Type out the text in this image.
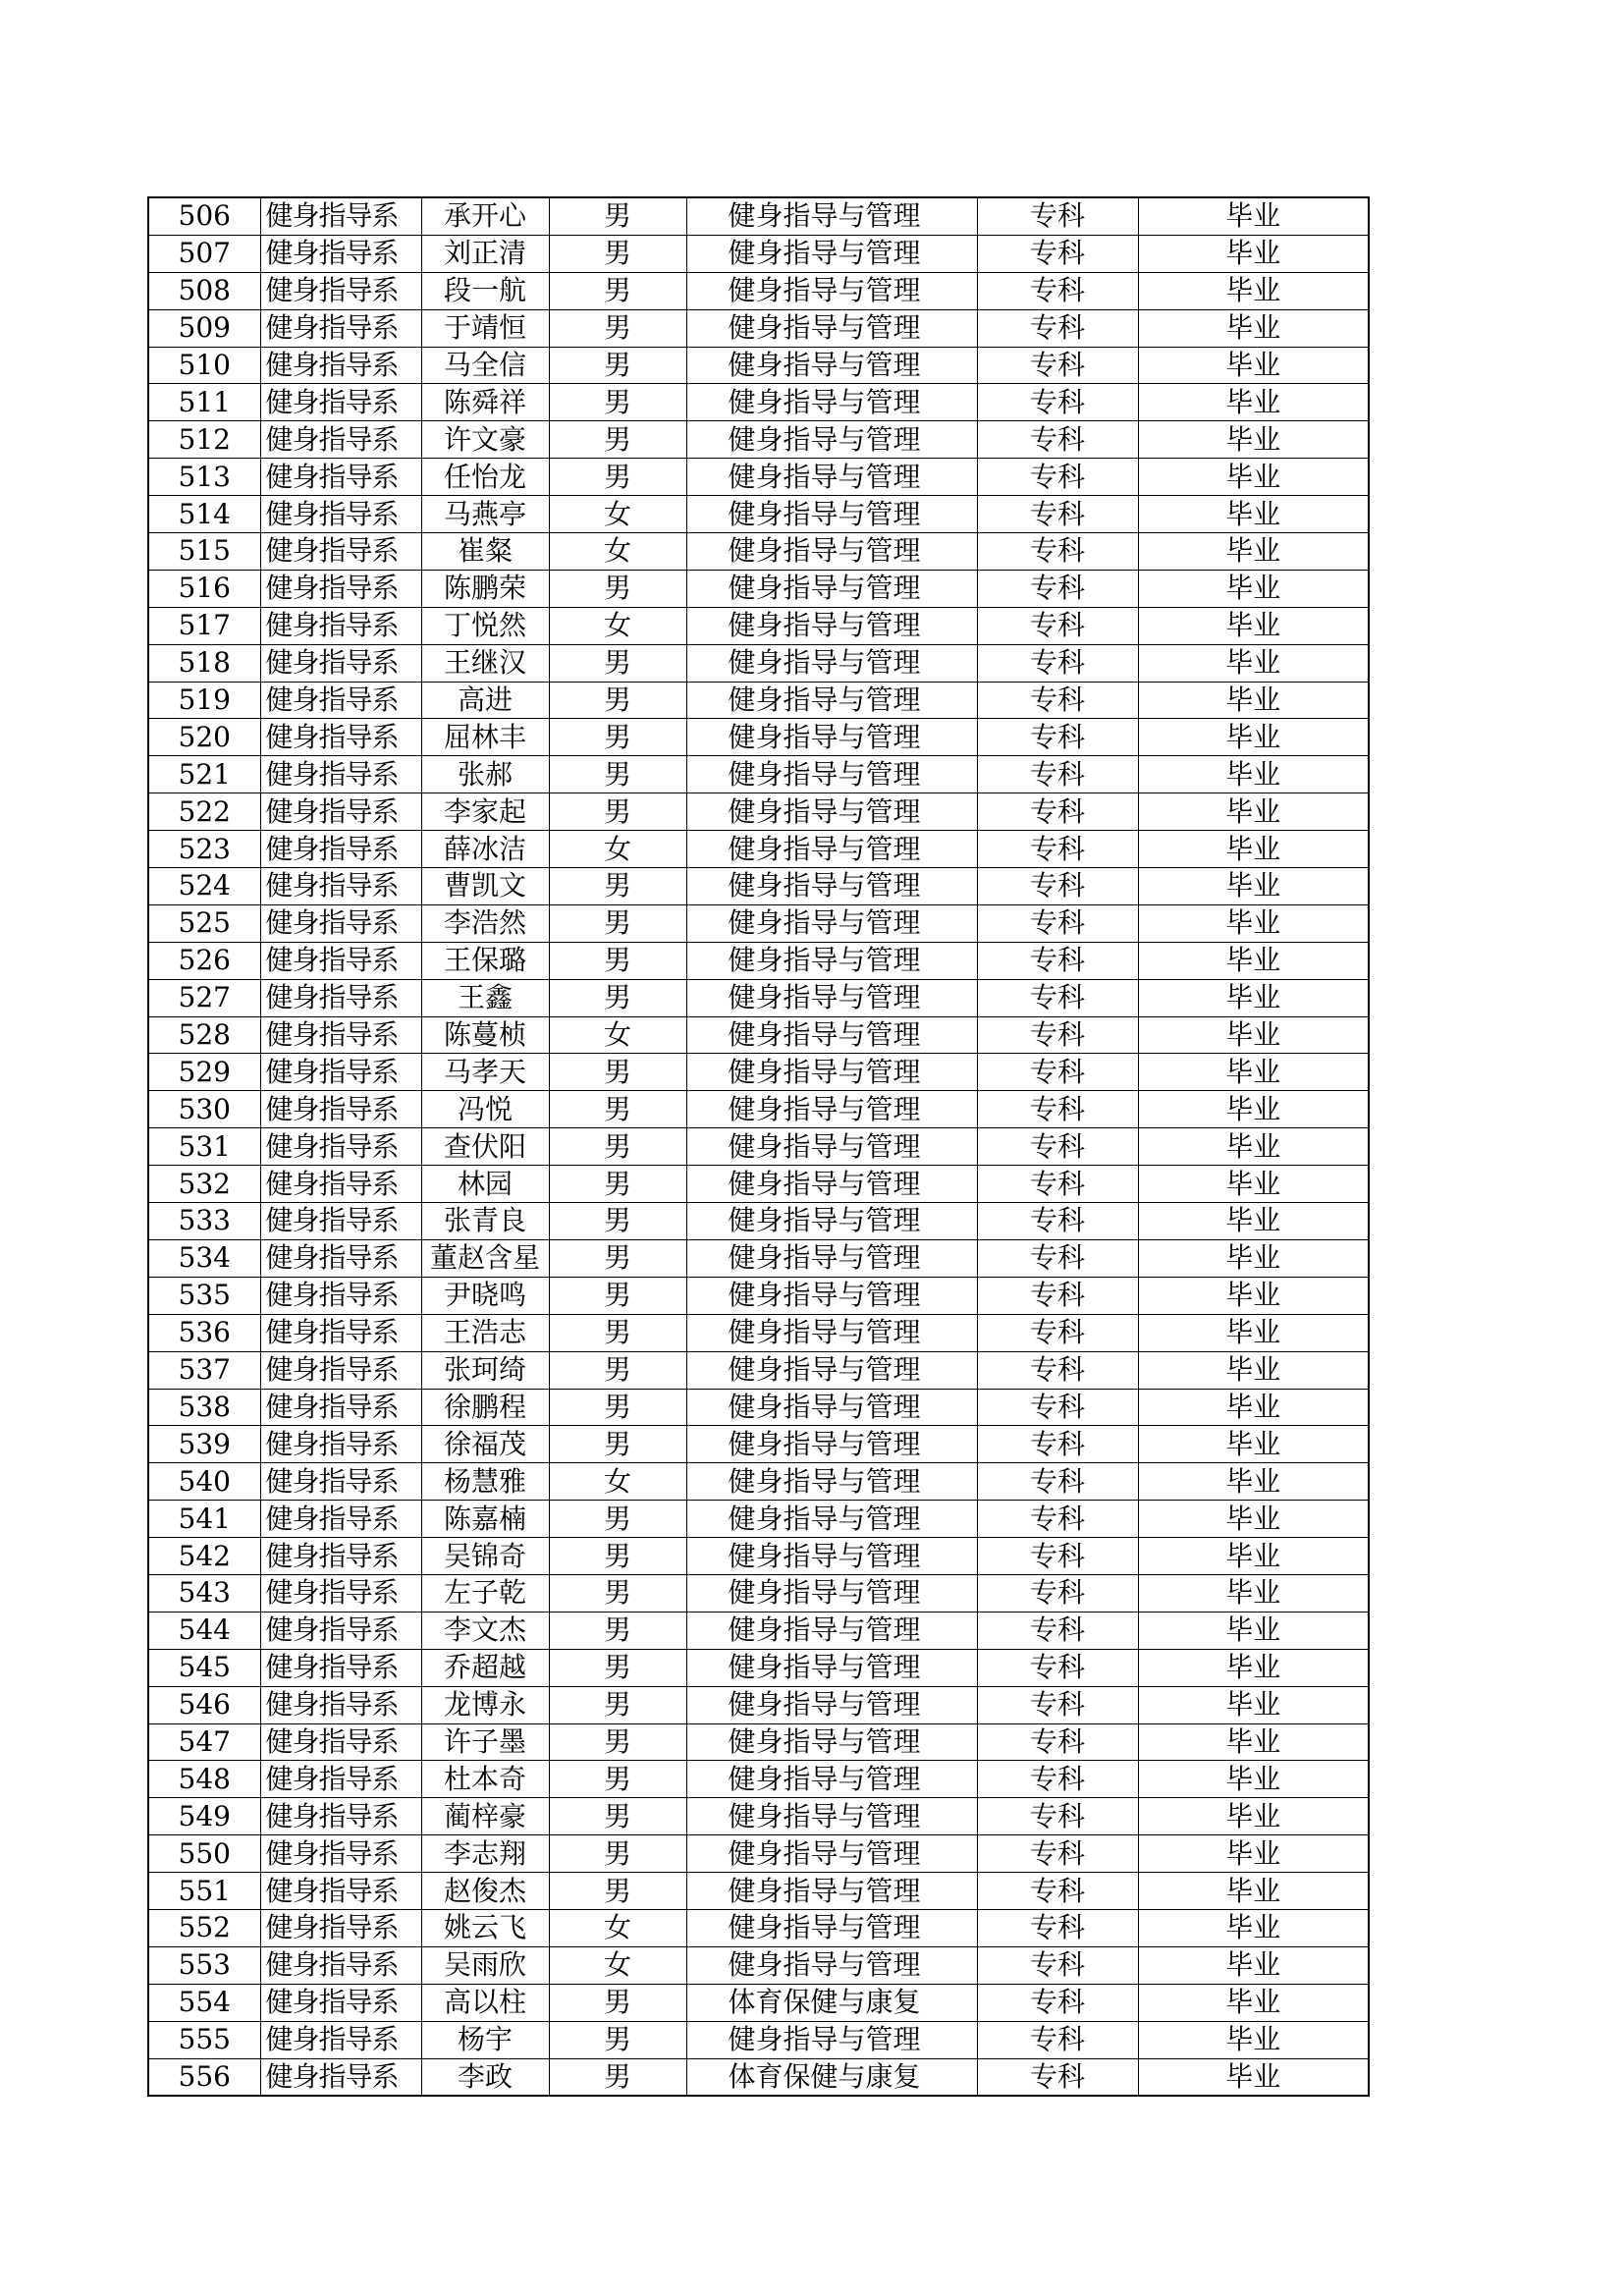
506	健身指导系	承开心	男	健身指导与管理	专科	毕业
507	健身指导系	刘正清	男	健身指导与管理	专科	毕业
508	健身指导系	段一航	男	健身指导与管理	专科	毕业
509	健身指导系	于靖恒	男	健身指导与管理	专科	毕业
510	健身指导系	马全信	男	健身指导与管理	专科	毕业
511	健身指导系	陈舜祥	男	健身指导与管理	专科	毕业
512	健身指导系	许文豪	男	健身指导与管理	专科	毕业
513	健身指导系	任怡龙	男	健身指导与管理	专科	毕业
514	健身指导系	马燕亭	女	健身指导与管理	专科	毕业
515	健身指导系	崔粲	女	健身指导与管理	专科	毕业
516	健身指导系	陈鹏荣	男	健身指导与管理	专科	毕业
517	健身指导系	丁悦然	女	健身指导与管理	专科	毕业
518	健身指导系	王继汉	男	健身指导与管理	专科	毕业
519	健身指导系	高进	男	健身指导与管理	专科	毕业
520	健身指导系	屈林丰	男	健身指导与管理	专科	毕业
521	健身指导系	张郝	男	健身指导与管理	专科	毕业
522	健身指导系	李家起	男	健身指导与管理	专科	毕业
523	健身指导系	薛冰洁	女	健身指导与管理	专科	毕业
524	健身指导系	曹凯文	男	健身指导与管理	专科	毕业
525	健身指导系	李浩然	男	健身指导与管理	专科	毕业
526	健身指导系	王保璐	男	健身指导与管理	专科	毕业
527	健身指导系	王鑫	男	健身指导与管理	专科	毕业
528	健身指导系	陈蔓桢	女	健身指导与管理	专科	毕业
529	健身指导系	马孝天	男	健身指导与管理	专科	毕业
530	健身指导系	冯悦	男	健身指导与管理	专科	毕业
531	健身指导系	查伏阳	男	健身指导与管理	专科	毕业
532	健身指导系	林园	男	健身指导与管理	专科	毕业
533	健身指导系	张青良	男	健身指导与管理	专科	毕业
534	健身指导系	董赵含星	男	健身指导与管理	专科	毕业
535	健身指导系	尹晓鸣	男	健身指导与管理	专科	毕业
536	健身指导系	王浩志	男	健身指导与管理	专科	毕业
537	健身指导系	张珂绮	男	健身指导与管理	专科	毕业
538	健身指导系	徐鹏程	男	健身指导与管理	专科	毕业
539	健身指导系	徐福茂	男	健身指导与管理	专科	毕业
540	健身指导系	杨慧雅	女	健身指导与管理	专科	毕业
541	健身指导系	陈嘉楠	男	健身指导与管理	专科	毕业
542	健身指导系	吴锦奇	男	健身指导与管理	专科	毕业
543	健身指导系	左子乾	男	健身指导与管理	专科	毕业
544	健身指导系	李文杰	男	健身指导与管理	专科	毕业
545	健身指导系	乔超越	男	健身指导与管理	专科	毕业
546	健身指导系	龙博永	男	健身指导与管理	专科	毕业
547	健身指导系	许子墨	男	健身指导与管理	专科	毕业
548	健身指导系	杜本奇	男	健身指导与管理	专科	毕业
549	健身指导系	蔺梓豪	男	健身指导与管理	专科	毕业
550	健身指导系	李志翔	男	健身指导与管理	专科	毕业
551	健身指导系	赵俊杰	男	健身指导与管理	专科	毕业
552	健身指导系	姚云飞	女	健身指导与管理	专科	毕业
553	健身指导系	吴雨欣	女	健身指导与管理	专科	毕业
554	健身指导系	高以柱	男	体育保健与康复	专科	毕业
555	健身指导系	杨宇	男	健身指导与管理	专科	毕业
556	健身指导系	李政	男	体育保健与康复	专科	毕业
